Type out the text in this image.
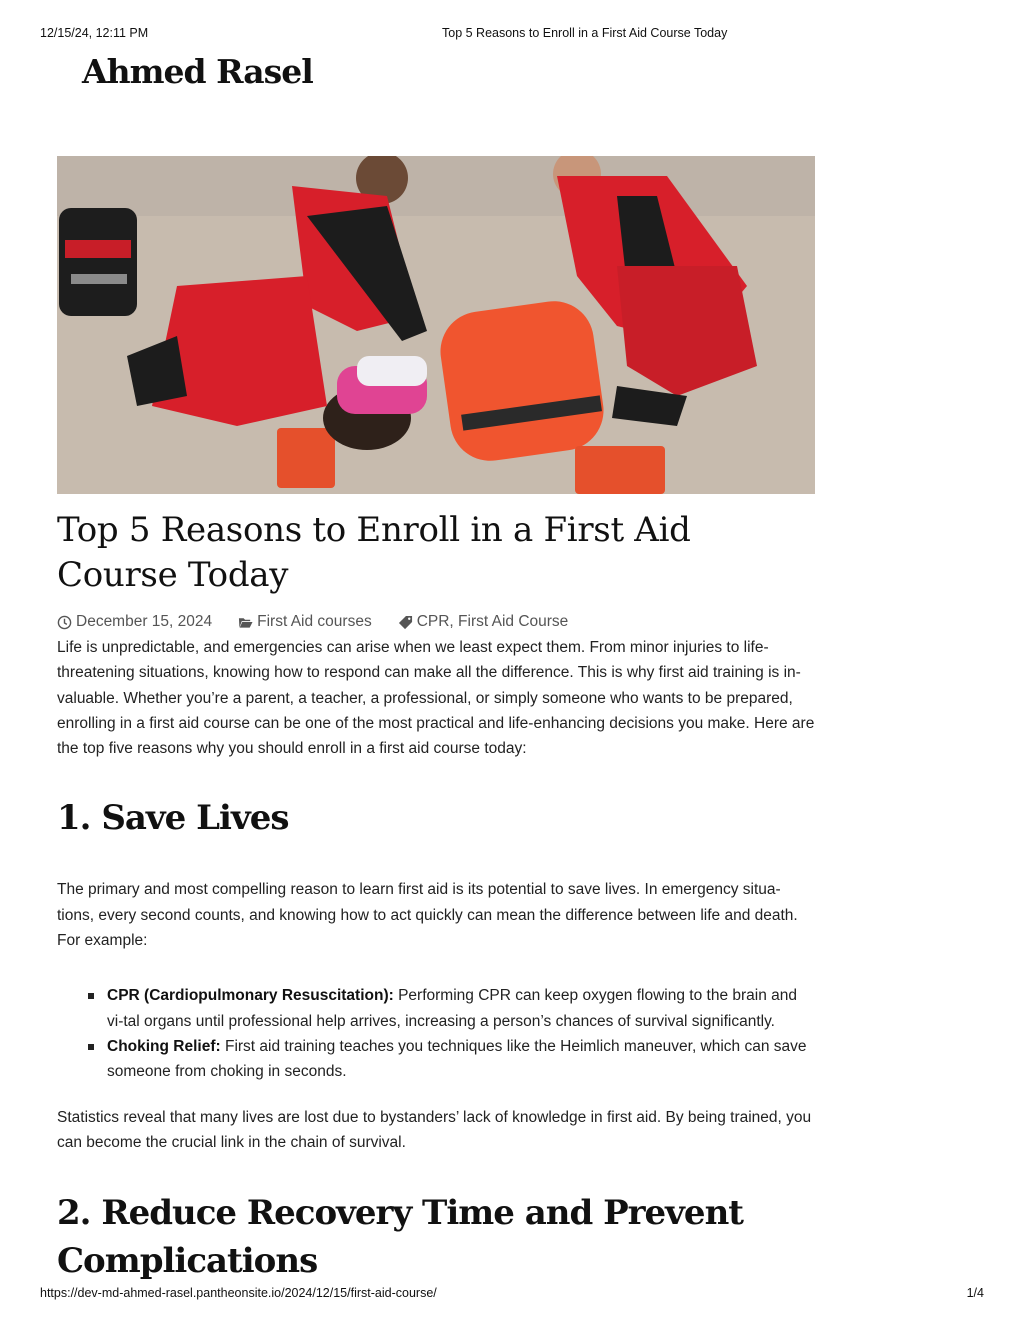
12/15/24, 12:11 PM	Top 5 Reasons to Enroll in a First Aid Course Today
Ahmed Rasel
Top 5 Reasons to Enroll in a First Aid Course Today
December 15, 2024	First Aid courses	CPR, First Aid Course

Life is unpredictable, and emergencies can arise when we least expect them. From minor injuries to life-threatening situations, knowing how to respond can make all the difference. This is why first aid training is in-valuable. Whether you’re a parent, a teacher, a professional, or simply someone who wants to be prepared, enrolling in a first aid course can be one of the most practical and life-enhancing decisions you make. Here are the top five reasons why you should enroll in a first aid course today:

1. Save Lives

The primary and most compelling reason to learn first aid is its potential to save lives. In emergency situa-tions, every second counts, and knowing how to act quickly can mean the difference between life and death. For example:

CPR (Cardiopulmonary Resuscitation): Performing CPR can keep oxygen flowing to the brain and vi-tal organs until professional help arrives, increasing a person’s chances of survival significantly.
Choking Relief: First aid training teaches you techniques like the Heimlich maneuver, which can save someone from choking in seconds.

Statistics reveal that many lives are lost due to bystanders’ lack of knowledge in first aid. By being trained, you can become the crucial link in the chain of survival.

2. Reduce Recovery Time and Prevent Complications
https://dev-md-ahmed-rasel.pantheonsite.io/2024/12/15/first-aid-course/	1/4
